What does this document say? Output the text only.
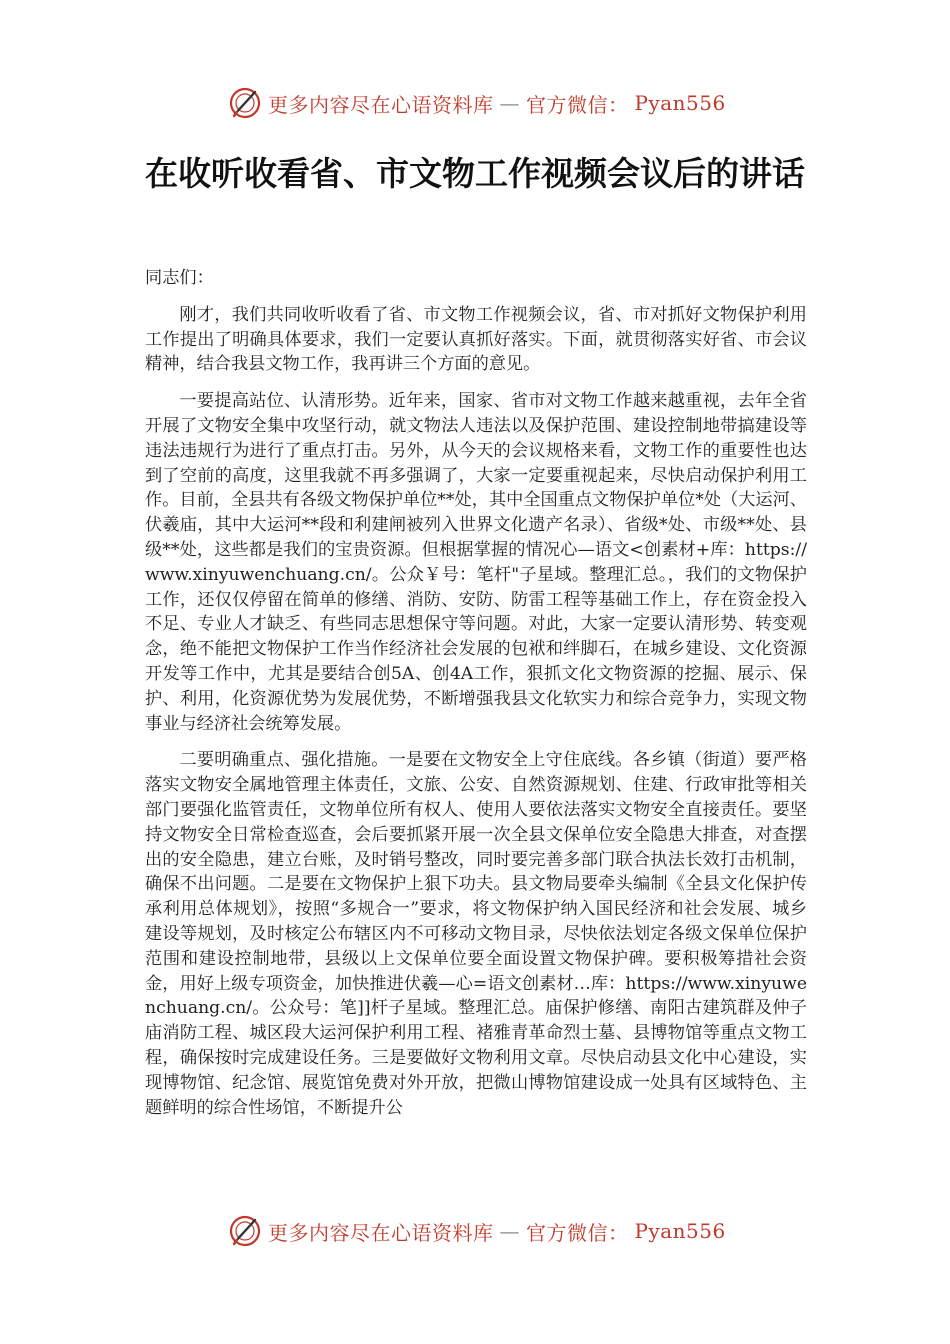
更多内容尽在心语资料库 — 官方微信： Pyan556
在收听收看省、市文物工作视频会议后的讲话

同志们：

刚才，我们共同收听收看了省、市文物工作视频会议，省、市对抓好文物保护利用工作提出了明确具体要求，我们一定要认真抓好落实。下面，就贯彻落实好省、市会议精神，结合我县文物工作，我再讲三个方面的意见。

一要提高站位、认清形势。近年来，国家、省市对文物工作越来越重视，去年全省开展了文物安全集中攻坚行动，就文物法人违法以及保护范围、建设控制地带搞建设等违法违规行为进行了重点打击。另外，从今天的会议规格来看，文物工作的重要性也达到了空前的高度，这里我就不再多强调了，大家一定要重视起来，尽快启动保护利用工作。目前，全县共有各级文物保护单位**处，其中全国重点文物保护单位*处（大运河、伏羲庙，其中大运河**段和利建闸被列入世界文化遗产名录）、省级*处、市级**处、县级**处，这些都是我们的宝贵资源。但根据掌握的情况心—语文<创素材+库：https://www.xinyuwenchuang.cn/。公众￥号：笔杆"子星域。整理汇总。，我们的文物保护工作，还仅仅停留在简单的修缮、消防、安防、防雷工程等基础工作上，存在资金投入不足、专业人才缺乏、有些同志思想保守等问题。对此，大家一定要认清形势、转变观念，绝不能把文物保护工作当作经济社会发展的包袱和绊脚石，在城乡建设、文化资源开发等工作中，尤其是要结合创5A、创4A工作，狠抓文化文物资源的挖掘、展示、保护、利用，化资源优势为发展优势，不断增强我县文化软实力和综合竞争力，实现文物事业与经济社会统筹发展。

二要明确重点、强化措施。一是要在文物安全上守住底线。各乡镇（街道）要严格落实文物安全属地管理主体责任，文旅、公安、自然资源规划、住建、行政审批等相关部门要强化监管责任，文物单位所有权人、使用人要依法落实文物安全直接责任。要坚持文物安全日常检查巡查，会后要抓紧开展一次全县文保单位安全隐患大排查，对查摆出的安全隐患，建立台账，及时销号整改，同时要完善多部门联合执法长效打击机制，确保不出问题。二是要在文物保护上狠下功夫。县文物局要牵头编制《全县文化保护传承利用总体规划》，按照“多规合一”要求，将文物保护纳入国民经济和社会发展、城乡建设等规划，及时核定公布辖区内不可移动文物目录，尽快依法划定各级文保单位保护范围和建设控制地带，县级以上文保单位要全面设置文物保护碑。要积极筹措社会资金，用好上级专项资金，加快推进伏羲—心=语文创素材…库：https://www.xinyuwenchuang.cn/。公众号：笔]]杆子星域。整理汇总。庙保护修缮、南阳古建筑群及仲子庙消防工程、城区段大运河保护利用工程、褚雅青革命烈士墓、县博物馆等重点文物工程，确保按时完成建设任务。三是要做好文物利用文章。尽快启动县文化中心建设，实现博物馆、纪念馆、展览馆免费对外开放，把微山博物馆建设成一处具有区域特色、主题鲜明的综合性场馆，不断提升公

更多内容尽在心语资料库 — 官方微信： Pyan556
